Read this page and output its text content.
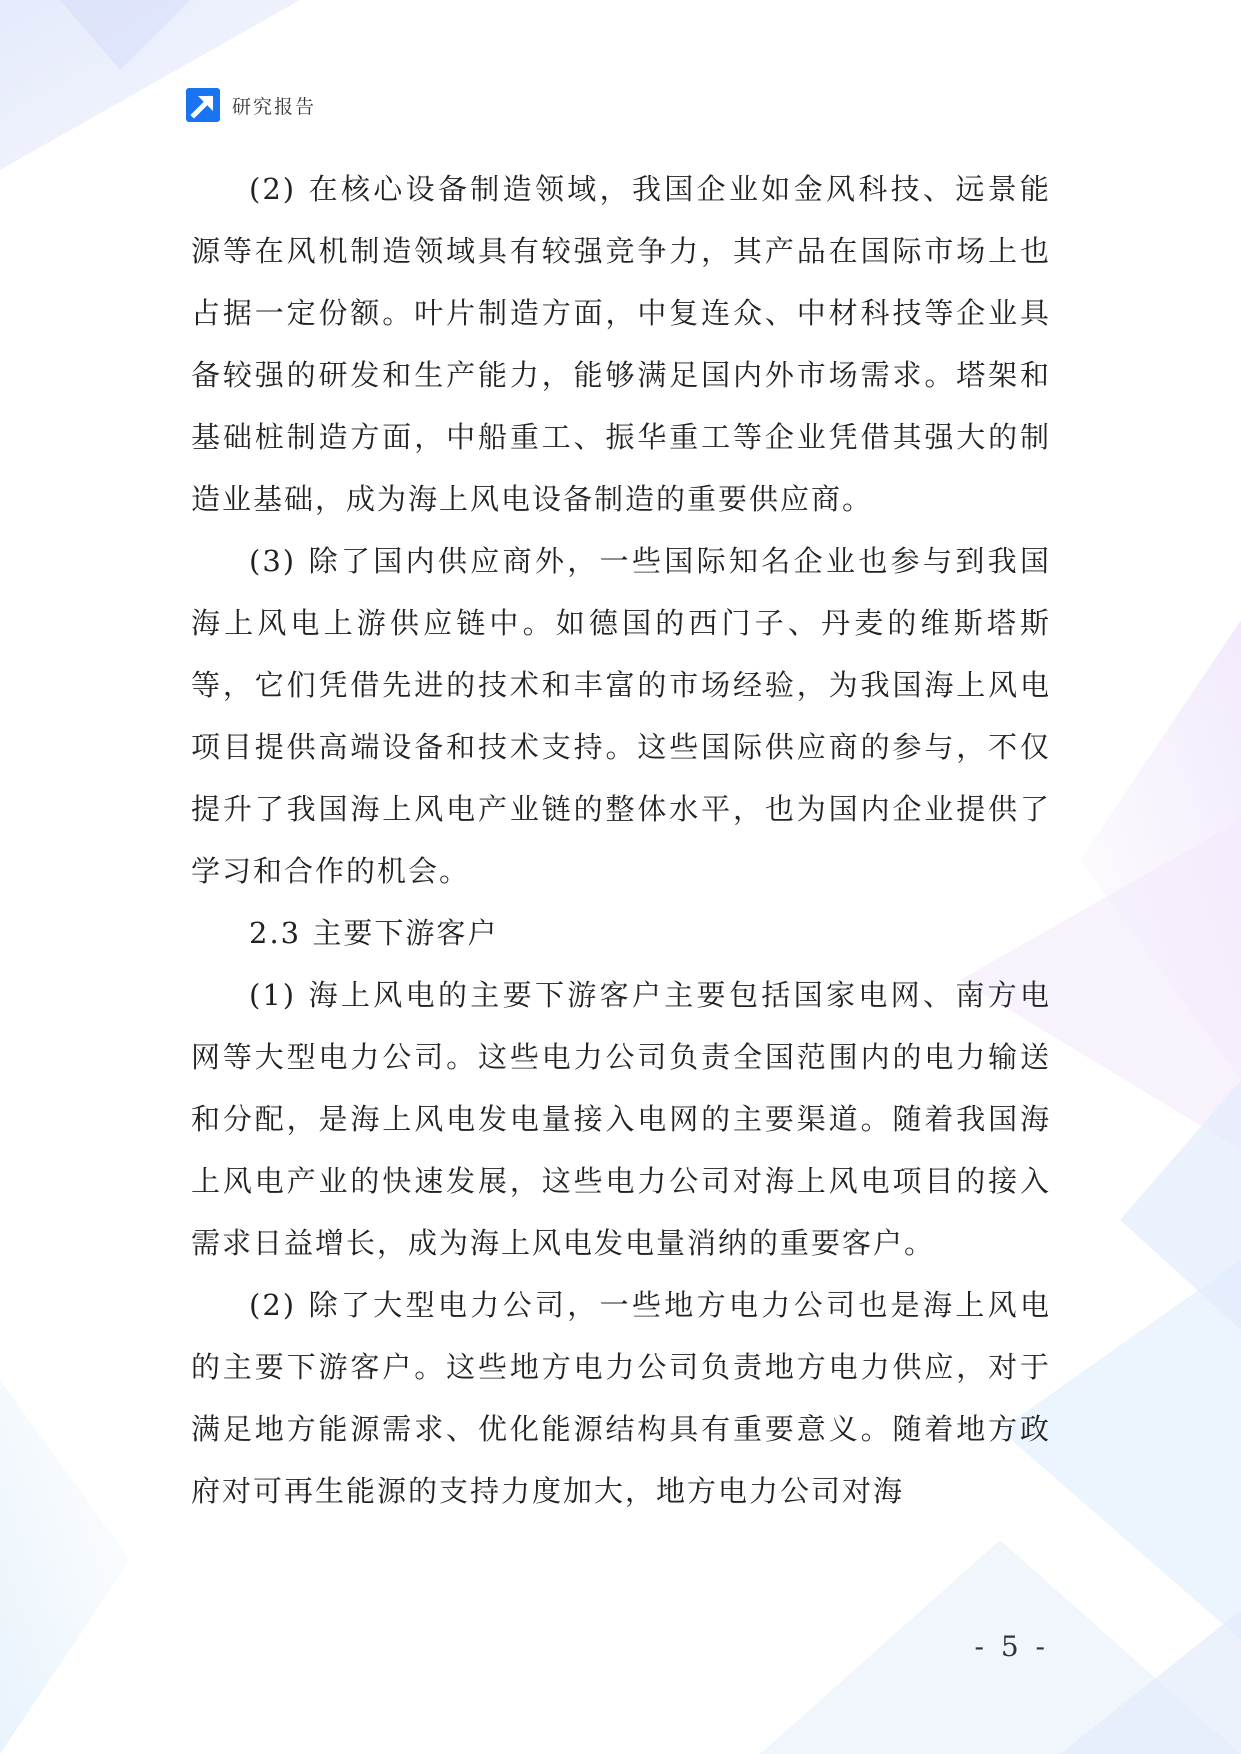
研究报告

(2) 在核心设备制造领域，我国企业如金风科技、远景能源等在风机制造领域具有较强竞争力，其产品在国际市场上也占据一定份额。叶片制造方面，中复连众、中材科技等企业具备较强的研发和生产能力，能够满足国内外市场需求。塔架和基础桩制造方面，中船重工、振华重工等企业凭借其强大的制造业基础，成为海上风电设备制造的重要供应商。

(3) 除了国内供应商外，一些国际知名企业也参与到我国海上风电上游供应链中。如德国的西门子、丹麦的维斯塔斯等，它们凭借先进的技术和丰富的市场经验，为我国海上风电项目提供高端设备和技术支持。这些国际供应商的参与，不仅提升了我国海上风电产业链的整体水平，也为国内企业提供了学习和合作的机会。

2.3 主要下游客户

(1) 海上风电的主要下游客户主要包括国家电网、南方电网等大型电力公司。这些电力公司负责全国范围内的电力输送和分配，是海上风电发电量接入电网的主要渠道。随着我国海上风电产业的快速发展，这些电力公司对海上风电项目的接入需求日益增长，成为海上风电发电量消纳的重要客户。

(2) 除了大型电力公司，一些地方电力公司也是海上风电的主要下游客户。这些地方电力公司负责地方电力供应，对于满足地方能源需求、优化能源结构具有重要意义。随着地方政府对可再生能源的支持力度加大，地方电力公司对海

- 5 -
